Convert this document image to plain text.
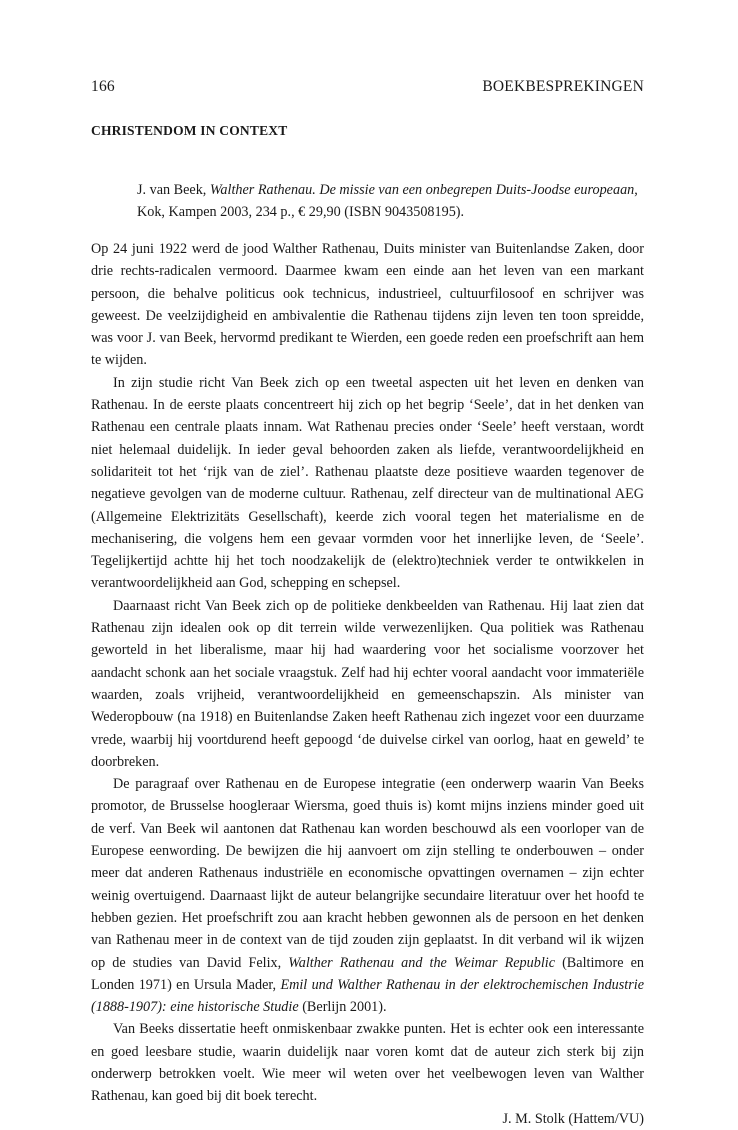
166	BOEKBESPREKINGEN
CHRISTENDOM IN CONTEXT

J. van Beek, Walther Rathenau. De missie van een onbegrepen Duits-Joodse europeaan, Kok, Kampen 2003, 234 p., € 29,90 (ISBN 9043508195).

Op 24 juni 1922 werd de jood Walther Rathenau, Duits minister van Buitenlandse Zaken, door drie rechts-radicalen vermoord. Daarmee kwam een einde aan het leven van een markant persoon, die behalve politicus ook technicus, industrieel, cultuurfilosoof en schrijver was geweest. De veelzijdigheid en ambivalentie die Rathenau tijdens zijn leven ten toon spreidde, was voor J. van Beek, hervormd predikant te Wierden, een goede reden een proefschrift aan hem te wijden.

In zijn studie richt Van Beek zich op een tweetal aspecten uit het leven en denken van Rathenau. In de eerste plaats concentreert hij zich op het begrip ‘Seele’, dat in het denken van Rathenau een centrale plaats innam. Wat Rathenau precies onder ‘Seele’ heeft verstaan, wordt niet helemaal duidelijk. In ieder geval behoorden zaken als liefde, verantwoordelijkheid en solidariteit tot het ‘rijk van de ziel’. Rathenau plaatste deze positieve waarden tegenover de negatieve gevolgen van de moderne cultuur. Rathenau, zelf directeur van de multinational AEG (Allgemeine Elektrizitäts Gesellschaft), keerde zich vooral tegen het materialisme en de mechanisering, die volgens hem een gevaar vormden voor het innerlijke leven, de ‘Seele’. Tegelijkertijd achtte hij het toch noodzakelijk de (elektro)techniek verder te ontwikkelen in verantwoordelijkheid aan God, schepping en schepsel.

Daarnaast richt Van Beek zich op de politieke denkbeelden van Rathenau. Hij laat zien dat Rathenau zijn idealen ook op dit terrein wilde verwezenlijken. Qua politiek was Rathenau geworteld in het liberalisme, maar hij had waardering voor het socialisme voorzover het aandacht schonk aan het sociale vraagstuk. Zelf had hij echter vooral aandacht voor immateriële waarden, zoals vrijheid, verantwoordelijkheid en gemeenschapszin. Als minister van Wederopbouw (na 1918) en Buitenlandse Zaken heeft Rathenau zich ingezet voor een duurzame vrede, waarbij hij voortdurend heeft gepoogd ‘de duivelse cirkel van oorlog, haat en geweld’ te doorbreken.

De paragraaf over Rathenau en de Europese integratie (een onderwerp waarin Van Beeks promotor, de Brusselse hoogleraar Wiersma, goed thuis is) komt mijns inziens minder goed uit de verf. Van Beek wil aantonen dat Rathenau kan worden beschouwd als een voorloper van de Europese eenwording. De bewijzen die hij aanvoert om zijn stelling te onderbouwen – onder meer dat anderen Rathenaus industriële en economische opvattingen overnamen – zijn echter weinig overtuigend. Daarnaast lijkt de auteur belangrijke secundaire literatuur over het hoofd te hebben gezien. Het proefschrift zou aan kracht hebben gewonnen als de persoon en het denken van Rathenau meer in de context van de tijd zouden zijn geplaatst. In dit verband wil ik wijzen op de studies van David Felix, Walther Rathenau and the Weimar Republic (Baltimore en Londen 1971) en Ursula Mader, Emil und Walther Rathenau in der elektrochemischen Industrie (1888-1907): eine historische Studie (Berlijn 2001).

Van Beeks dissertatie heeft onmiskenbaar zwakke punten. Het is echter ook een interessante en goed leesbare studie, waarin duidelijk naar voren komt dat de auteur zich sterk bij zijn onderwerp betrokken voelt. Wie meer wil weten over het veelbewogen leven van Walther Rathenau, kan goed bij dit boek terecht.

J. M. Stolk (Hattem/VU)
